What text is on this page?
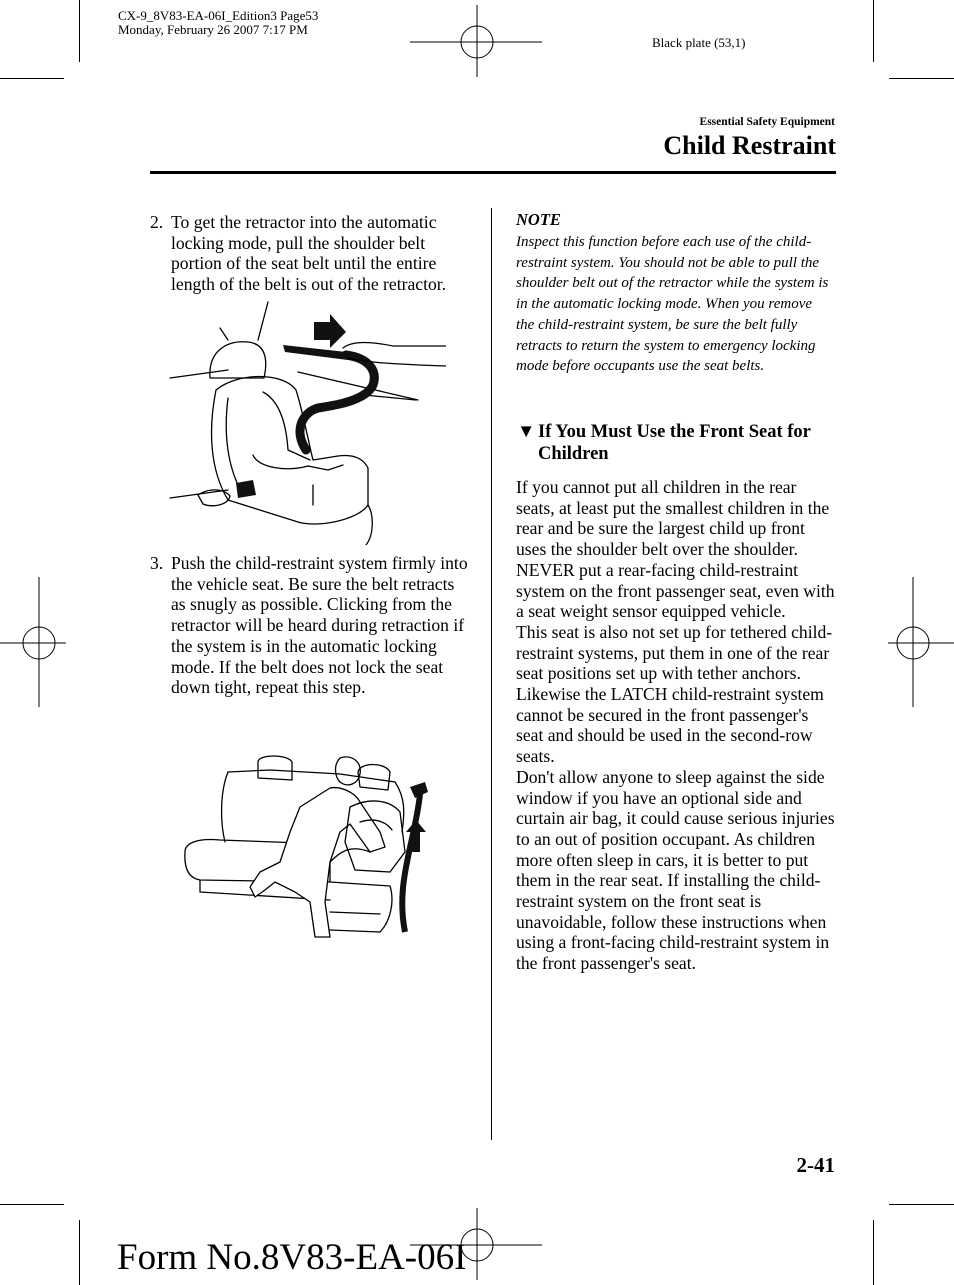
CX-9_8V83-EA-06I_Edition3 Page53
Monday, February 26 2007 7:17 PM
Black plate (53,1)
Essential Safety Equipment
Child Restraint
2. To get the retractor into the automatic locking mode, pull the shoulder belt portion of the seat belt until the entire length of the belt is out of the retractor.
3. Push the child-restraint system firmly into the vehicle seat. Be sure the belt retracts as snugly as possible. Clicking from the retractor will be heard during retraction if the system is in the automatic locking mode. If the belt does not lock the seat down tight, repeat this step.
NOTE
Inspect this function before each use of the child-restraint system. You should not be able to pull the shoulder belt out of the retractor while the system is in the automatic locking mode. When you remove the child-restraint system, be sure the belt fully retracts to return the system to emergency locking mode before occupants use the seat belts.
▼ If You Must Use the Front Seat for Children
If you cannot put all children in the rear seats, at least put the smallest children in the rear and be sure the largest child up front uses the shoulder belt over the shoulder.
NEVER put a rear-facing child-restraint system on the front passenger seat, even with a seat weight sensor equipped vehicle.
This seat is also not set up for tethered child-restraint systems, put them in one of the rear seat positions set up with tether anchors.
Likewise the LATCH child-restraint system cannot be secured in the front passenger's seat and should be used in the second-row seats.
Don't allow anyone to sleep against the side window if you have an optional side and curtain air bag, it could cause serious injuries to an out of position occupant. As children more often sleep in cars, it is better to put them in the rear seat. If installing the child-restraint system on the front seat is unavoidable, follow these instructions when using a front-facing child-restraint system in the front passenger's seat.
2-41
Form No.8V83-EA-06I
